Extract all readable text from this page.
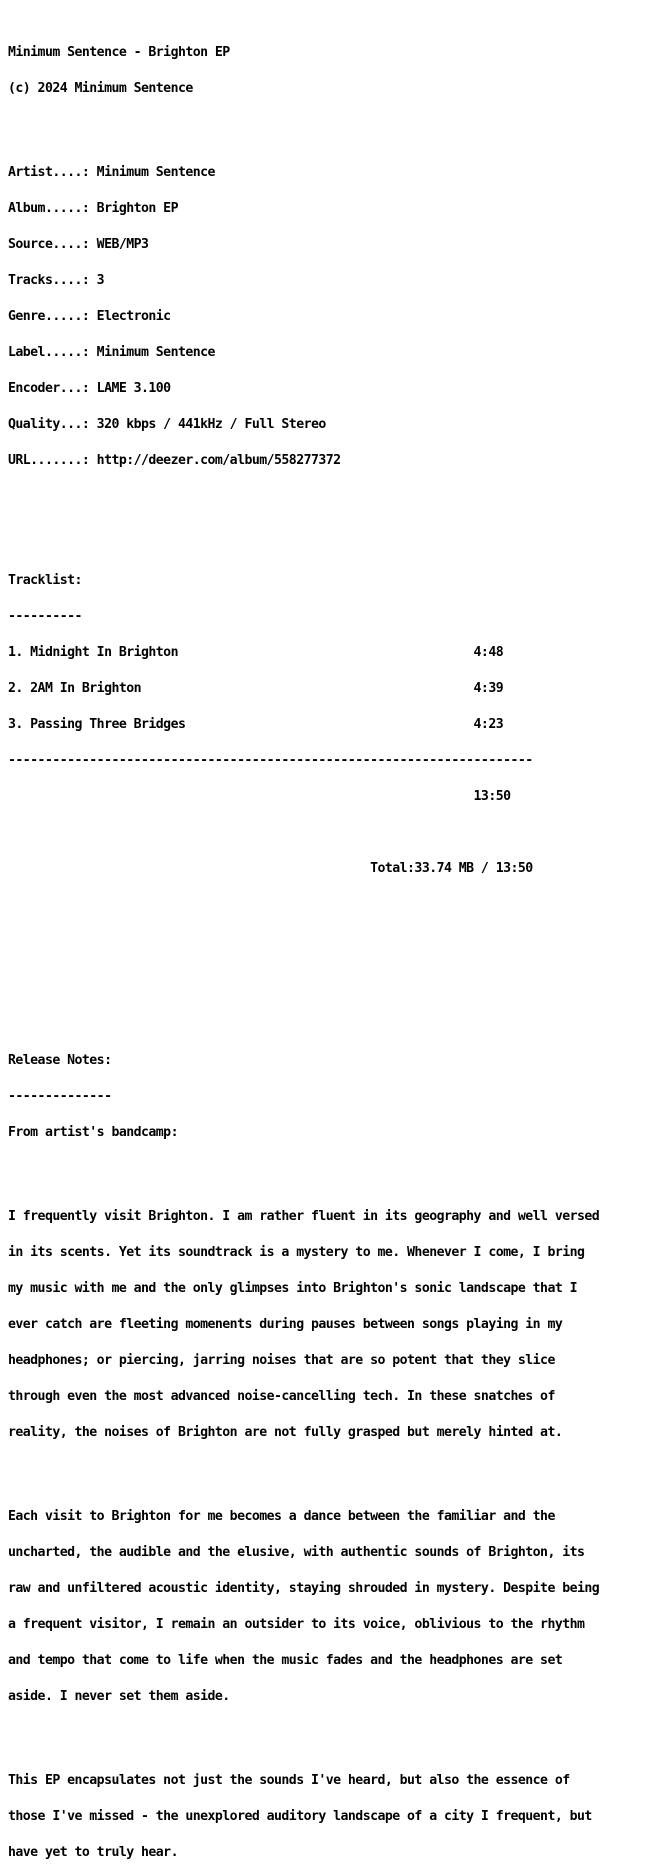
Minimum Sentence - Brighton EP

(c) 2024 Minimum Sentence

Artist....: Minimum Sentence

Album.....: Brighton EP

Source....: WEB/MP3

Tracks....: 3

Genre.....: Electronic

Label.....: Minimum Sentence

Encoder...: LAME 3.100

Quality...: 320 kbps / 441kHz / Full Stereo

URL.......: http://deezer.com/album/558277372

Tracklist:

----------

1. Midnight In Brighton                                        4:48

2. 2AM In Brighton                                             4:39

3. Passing Three Bridges                                       4:23

-----------------------------------------------------------------------

13:50

Total:33.74 MB / 13:50

Release Notes:

--------------

From artist's bandcamp:

I frequently visit Brighton. I am rather fluent in its geography and well versed

in its scents. Yet its soundtrack is a mystery to me. Whenever I come, I bring

my music with me and the only glimpses into Brighton's sonic landscape that I

ever catch are fleeting momenents during pauses between songs playing in my

headphones; or piercing, jarring noises that are so potent that they slice

through even the most advanced noise-cancelling tech. In these snatches of

reality, the noises of Brighton are not fully grasped but merely hinted at.

Each visit to Brighton for me becomes a dance between the familiar and the

uncharted, the audible and the elusive, with authentic sounds of Brighton, its

raw and unfiltered acoustic identity, staying shrouded in mystery. Despite being

a frequent visitor, I remain an outsider to its voice, oblivious to the rhythm

and tempo that come to life when the music fades and the headphones are set

aside. I never set them aside.

This EP encapsulates not just the sounds I've heard, but also the essence of

those I've missed - the unexplored auditory landscape of a city I frequent, but

have yet to truly hear.
